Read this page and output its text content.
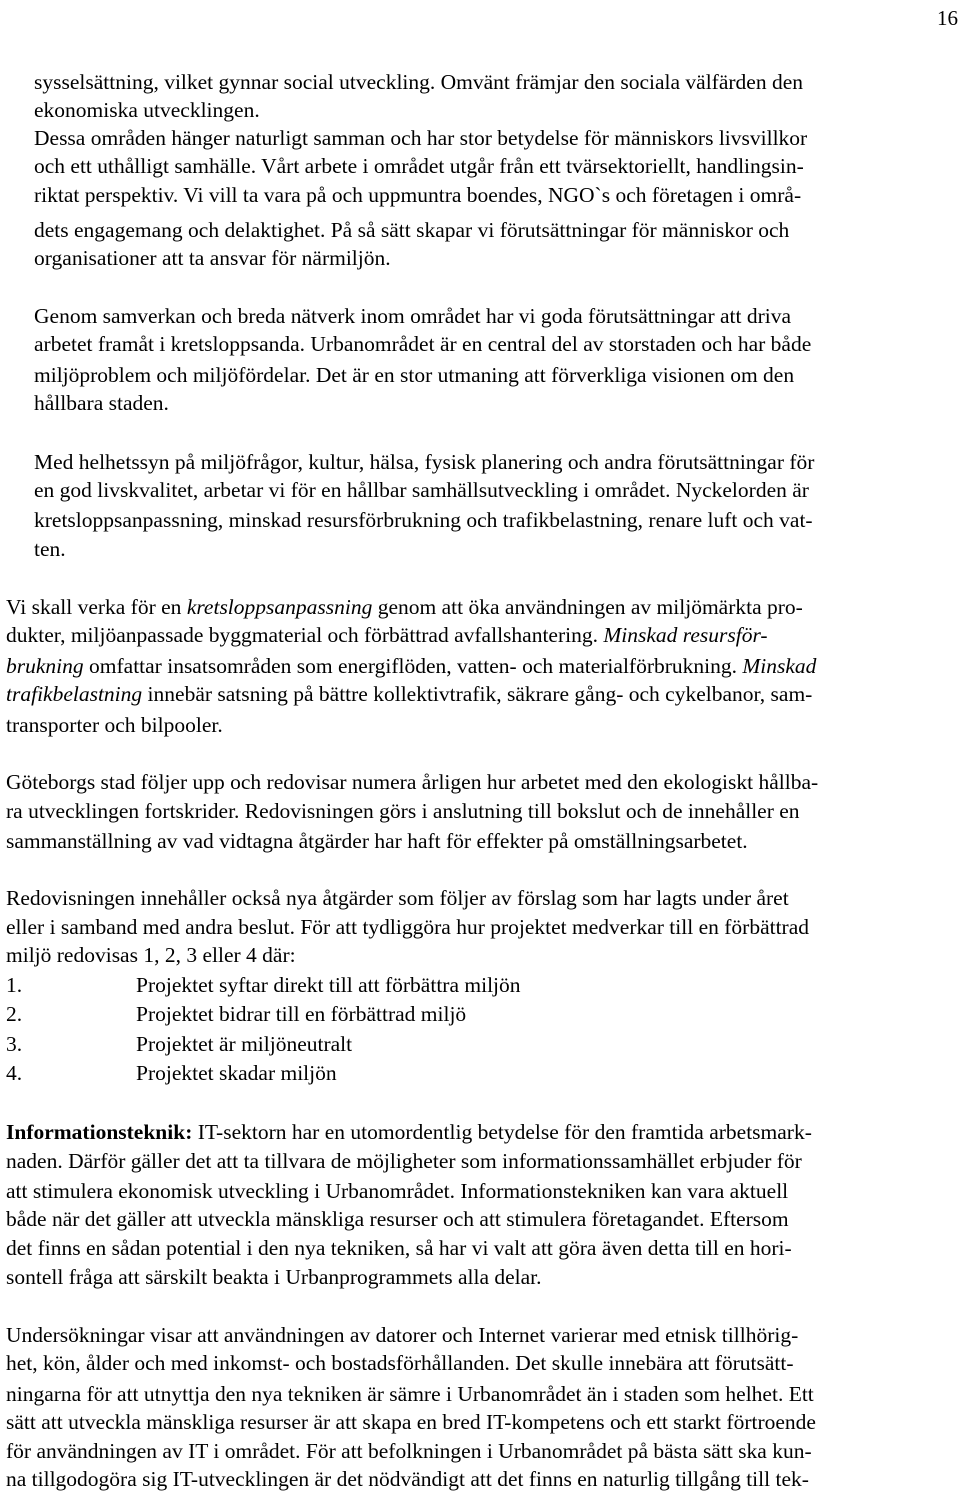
16
sysselsättning, vilket gynnar social utveckling. Omvänt främjar den sociala välfärden den
ekonomiska utvecklingen.
Dessa områden hänger naturligt samman och har stor betydelse för människors livsvillkor
och ett uthålligt samhälle. Vårt arbete i området utgår från ett tvärsektoriellt, handlingsin-
riktat perspektiv. Vi vill ta vara på och uppmuntra boendes, NGO`s och företagen i områ-
dets engagemang och delaktighet. På så sätt skapar vi förutsättningar för människor och
organisationer att ta ansvar för närmiljön.
Genom samverkan och breda nätverk inom området har vi goda förutsättningar att driva
arbetet framåt i kretsloppsanda. Urbanområdet är en central del av storstaden och har både
miljöproblem och miljöfördelar. Det är en stor utmaning att förverkliga visionen om den
hållbara staden.
Med helhetssyn på miljöfrågor, kultur, hälsa, fysisk planering och andra förutsättningar för
en god livskvalitet, arbetar vi för en hållbar samhällsutveckling i området. Nyckelorden är
kretsloppsanpassning, minskad resursförbrukning och trafikbelastning, renare luft och vat-
ten.
Vi skall verka för en kretsloppsanpassning genom att öka användningen av miljömärkta pro-
dukter, miljöanpassade byggmaterial och förbättrad avfallshantering. Minskad resursför-
brukning omfattar insatsområden som energiflöden, vatten- och materialförbrukning. Minskad
trafikbelastning innebär satsning på bättre kollektivtrafik, säkrare gång- och cykelbanor, sam-
transporter och bilpooler.
Göteborgs stad följer upp och redovisar numera årligen hur arbetet med den ekologiskt hållba-
ra utvecklingen fortskrider. Redovisningen görs i anslutning till bokslut och de innehåller en
sammanställning av vad vidtagna åtgärder har haft för effekter på omställningsarbetet.
Redovisningen innehåller också nya åtgärder som följer av förslag som har lagts under året
eller i samband med andra beslut. För att tydliggöra hur projektet medverkar till en förbättrad
miljö redovisas 1, 2, 3 eller 4 där:
1.	Projektet syftar direkt till att förbättra miljön
2.	Projektet bidrar till en förbättrad miljö
3.	Projektet är miljöneutralt
4.	Projektet skadar miljön
Informationsteknik: IT-sektorn har en utomordentlig betydelse för den framtida arbetsmark-
naden. Därför gäller det att ta tillvara de möjligheter som informationssamhället erbjuder för
att stimulera ekonomisk utveckling i Urbanområdet. Informationstekniken kan vara aktuell
både när det gäller att utveckla mänskliga resurser och att stimulera företagandet. Eftersom
det finns en sådan potential i den nya tekniken, så har vi valt att göra även detta till en hori-
sontell fråga att särskilt beakta i Urbanprogrammets alla delar.
Undersökningar visar att användningen av datorer och Internet varierar med etnisk tillhörig-
het, kön, ålder och med inkomst- och bostadsförhållanden. Det skulle innebära att förutsätt-
ningarna för att utnyttja den nya tekniken är sämre i Urbanområdet än i staden som helhet. Ett
sätt att utveckla mänskliga resurser är att skapa en bred IT-kompetens och ett starkt förtroende
för användningen av IT i området. För att befolkningen i Urbanområdet på bästa sätt ska kun-
na tillgodogöra sig IT-utvecklingen är det nödvändigt att det finns en naturlig tillgång till tek-
